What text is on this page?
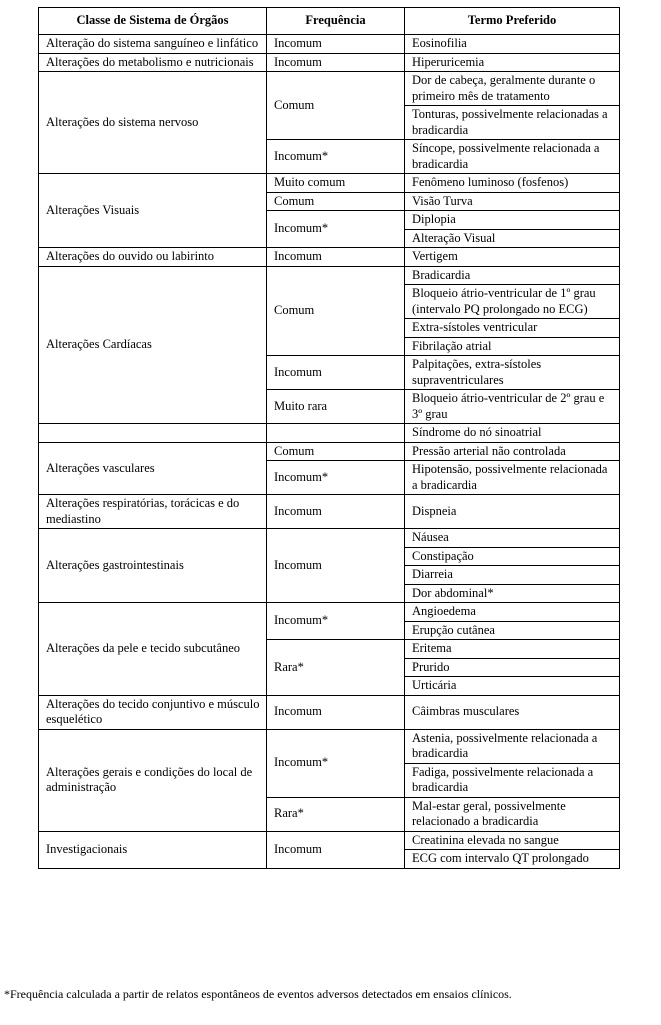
Classe de Sistema de Órgãos	Frequência	Termo Preferido
Alteração do sistema sanguíneo e linfático	Incomum	Eosinofilia
Alterações do metabolismo e nutricionais	Incomum	Hiperuricemia
Alterações do sistema nervoso	Comum	Dor de cabeça, geralmente durante o primeiro mês de tratamento
		Tonturas, possivelmente relacionadas a bradicardia
	Incomum*	Síncope, possivelmente relacionada a bradicardia
Alterações Visuais	Muito comum	Fenômeno luminoso (fosfenos)
	Comum	Visão Turva
	Incomum*	Diplopia
		Alteração Visual
Alterações do ouvido ou labirinto	Incomum	Vertigem
Alterações Cardíacas	Comum	Bradicardia
		Bloqueio átrio-ventricular de 1º grau (intervalo PQ prolongado no ECG)
		Extra-sístoles ventricular
		Fibrilação atrial
	Incomum	Palpitações, extra-sístoles supraventriculares
	Muito rara	Bloqueio átrio-ventricular de 2º grau e 3º grau
		Síndrome do nó sinoatrial
Alterações vasculares	Comum	Pressão arterial não controlada
	Incomum*	Hipotensão, possivelmente relacionada a bradicardia
Alterações respiratórias, torácicas e do mediastino	Incomum	Dispneia
Alterações gastrointestinais	Incomum	Náusea
		Constipação
		Diarreia
		Dor abdominal*
Alterações da pele e tecido subcutâneo	Incomum*	Angioedema
		Erupção cutânea
	Rara*	Eritema
		Prurido
		Urticária
Alterações do tecido conjuntivo e músculo esquelético	Incomum	Câimbras musculares
Alterações gerais e condições do local de administração	Incomum*	Astenia, possivelmente relacionada a bradicardia
		Fadiga, possivelmente relacionada a bradicardia
	Rara*	Mal-estar geral, possivelmente relacionado a bradicardia
Investigacionais	Incomum	Creatinina elevada no sangue
		ECG com intervalo QT prolongado
*Frequência calculada a partir de relatos espontâneos de eventos adversos detectados em ensaios clínicos.
